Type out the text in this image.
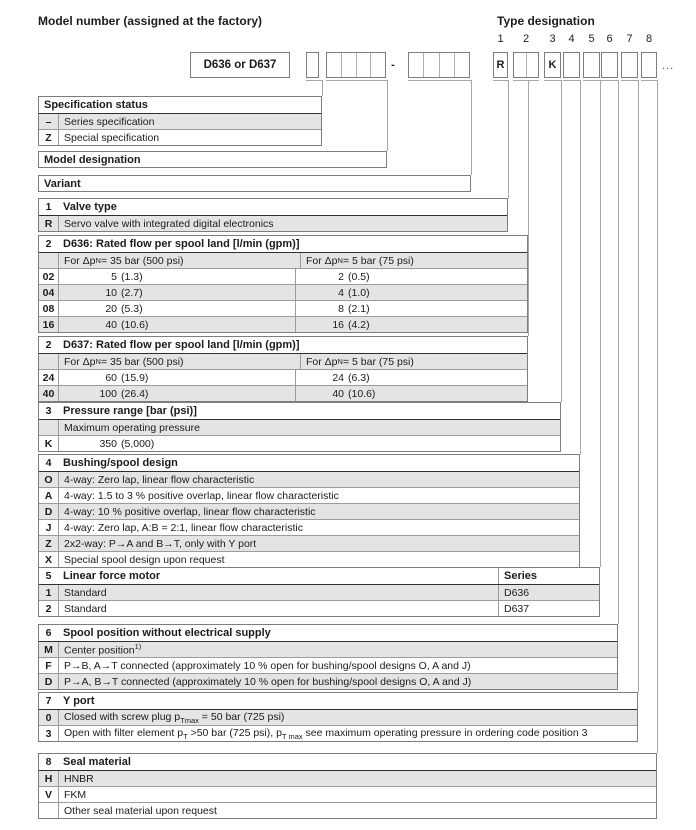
Model number (assigned at the factory)	Type designation
1	2	3	4	5	6	7	8
D636 or D637	-	R	K	...
Specification status
–	Series specification
Z	Special specification
Model designation
Variant
1	Valve type
R	Servo valve with integrated digital electronics
2	D636: Rated flow per spool land [l/min (gpm)]
For Δp N = 35 bar (500 psi)	For Δp N = 5 bar (75 psi)
02	5 (1.3)	2 (0.5)
04	10 (2.7)	4 (1.0)
08	20 (5.3)	8 (2.1)
16	40 (10.6)	16 (4.2)
2	D637: Rated flow per spool land [l/min (gpm)]
For Δp N = 35 bar (500 psi)	For Δp N = 5 bar (75 psi)
24	60 (15.9)	24 (6.3)
40	100 (26.4)	40 (10.6)
3	Pressure range [bar (psi)]
Maximum operating pressure
K	350 (5,000)
4	Bushing/spool design
O	4-way: Zero lap, linear flow characteristic
A	4-way: 1.5 to 3 % positive overlap, linear flow characteristic
D	4-way: 10 % positive overlap, linear flow characteristic
J	4-way: Zero lap, A:B = 2:1, linear flow characteristic
Z	2x2-way: P→A and B→T, only with Y port
X	Special spool design upon request
5	Linear force motor	Series
1	Standard	D636
2	Standard	D637
6	Spool position without electrical supply
M	Center position$^{1)}$
F	P→B, A→T connected (approximately 10 % open for bushing/spool designs O, A and J)
D	P→A, B→T connected (approximately 10 % open for bushing/spool designs O, A and J)
7	Y port
0	Closed with screw plug $p_{Tmax} = 50$ bar (725 psi)
3	Open with filter element $p_T >50$ bar (725 psi), $p_{T max}$ see maximum operating pressure in ordering code position 3
8	Seal material
H	HNBR
V	FKM
Other seal material upon request
